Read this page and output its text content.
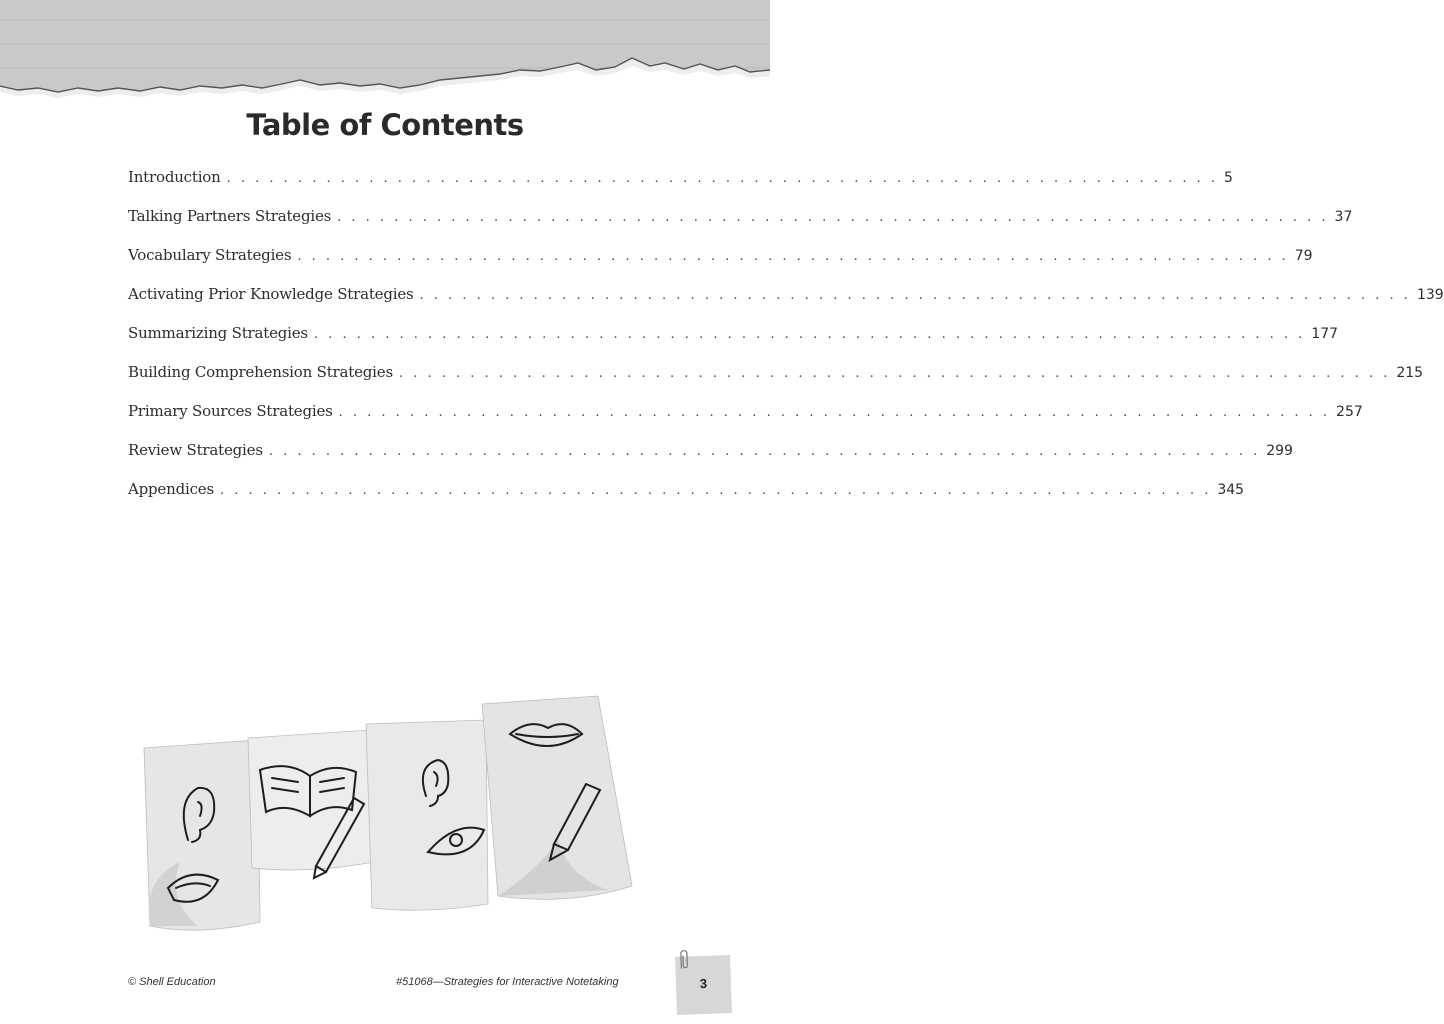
Table of Contents
Introduction . . . . . . . . . . . . . . . . . . . . . . . . . . . . . . . . . . . . . . . . . . . . . . . . . . . . . . . . . . . . . . . . . . . . . . 5
Talking Partners Strategies . . . . . . . . . . . . . . . . . . . . . . . . . . . . . . . . . . . . . . . . . . . . . . . . . . . . . . . . . . . . . . . . . . . . . . 37
Vocabulary Strategies . . . . . . . . . . . . . . . . . . . . . . . . . . . . . . . . . . . . . . . . . . . . . . . . . . . . . . . . . . . . . . . . . . . . . . 79
Activating Prior Knowledge Strategies . . . . . . . . . . . . . . . . . . . . . . . . . . . . . . . . . . . . . . . . . . . . . . . . . . . . . . . . . . . . . . . . . . . . . . 139
Summarizing Strategies . . . . . . . . . . . . . . . . . . . . . . . . . . . . . . . . . . . . . . . . . . . . . . . . . . . . . . . . . . . . . . . . . . . . . . 177
Building Comprehension Strategies . . . . . . . . . . . . . . . . . . . . . . . . . . . . . . . . . . . . . . . . . . . . . . . . . . . . . . . . . . . . . . . . . . . . . . 215
Primary Sources Strategies . . . . . . . . . . . . . . . . . . . . . . . . . . . . . . . . . . . . . . . . . . . . . . . . . . . . . . . . . . . . . . . . . . . . . . 257
Review Strategies . . . . . . . . . . . . . . . . . . . . . . . . . . . . . . . . . . . . . . . . . . . . . . . . . . . . . . . . . . . . . . . . . . . . . . 299
Appendices . . . . . . . . . . . . . . . . . . . . . . . . . . . . . . . . . . . . . . . . . . . . . . . . . . . . . . . . . . . . . . . . . . . . . . 345
© Shell Education	#51068—Strategies for Interactive Notetaking	3
